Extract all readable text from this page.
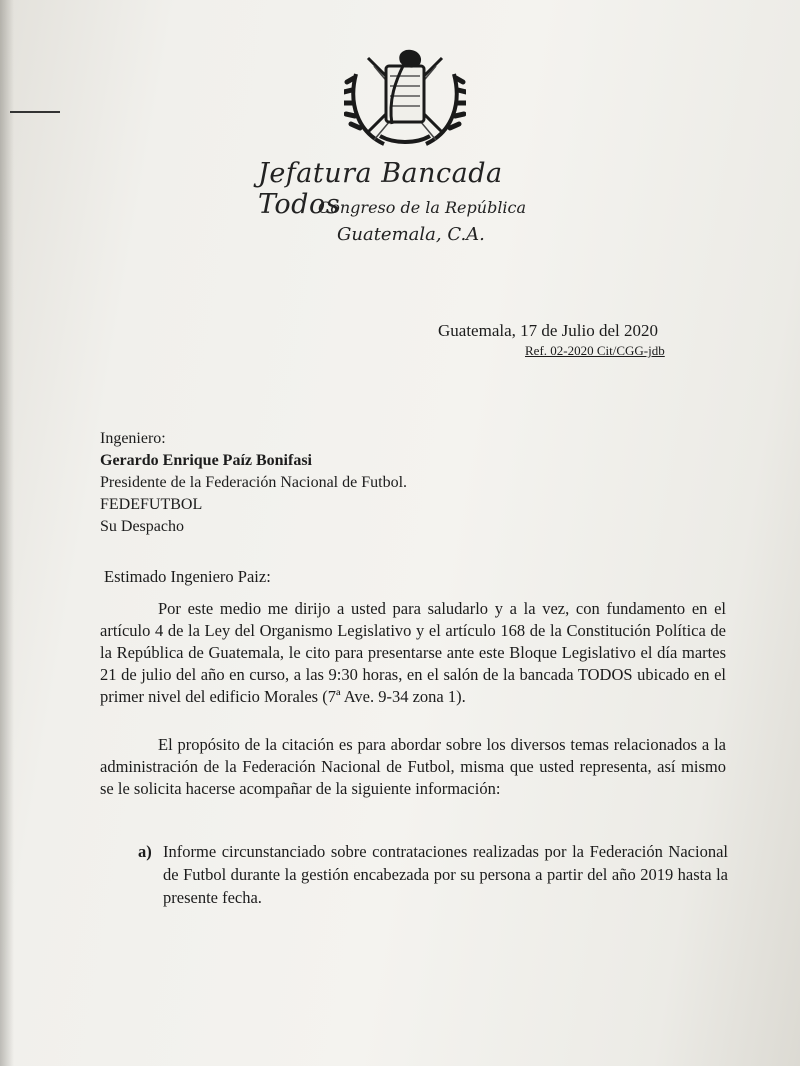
Jefatura Bancada Todos
Congreso de la República
Guatemala, C.A.
Guatemala, 17 de Julio del 2020
Ref. 02-2020 Cit/CGG-jdb
Ingeniero:
Gerardo Enrique Paíz Bonifasi
Presidente de la Federación Nacional de Futbol.
FEDEFUTBOL
Su Despacho
Estimado Ingeniero Paiz:
Por este medio me dirijo a usted para saludarlo y a la vez, con fundamento en el artículo 4 de la Ley del Organismo Legislativo y el artículo 168 de la Constitución Política de la República de Guatemala, le cito para presentarse ante este Bloque Legislativo el día martes 21 de julio del año en curso, a las 9:30 horas, en el salón de la bancada TODOS ubicado en el primer nivel del edificio Morales (7ª Ave. 9-34 zona 1).
El propósito de la citación es para abordar sobre los diversos temas relacionados a la administración de la Federación Nacional de Futbol, misma que usted representa, así mismo se le solicita hacerse acompañar de la siguiente información:
a) Informe circunstanciado sobre contrataciones realizadas por la Federación Nacional de Futbol durante la gestión encabezada por su persona a partir del año 2019 hasta la presente fecha.
